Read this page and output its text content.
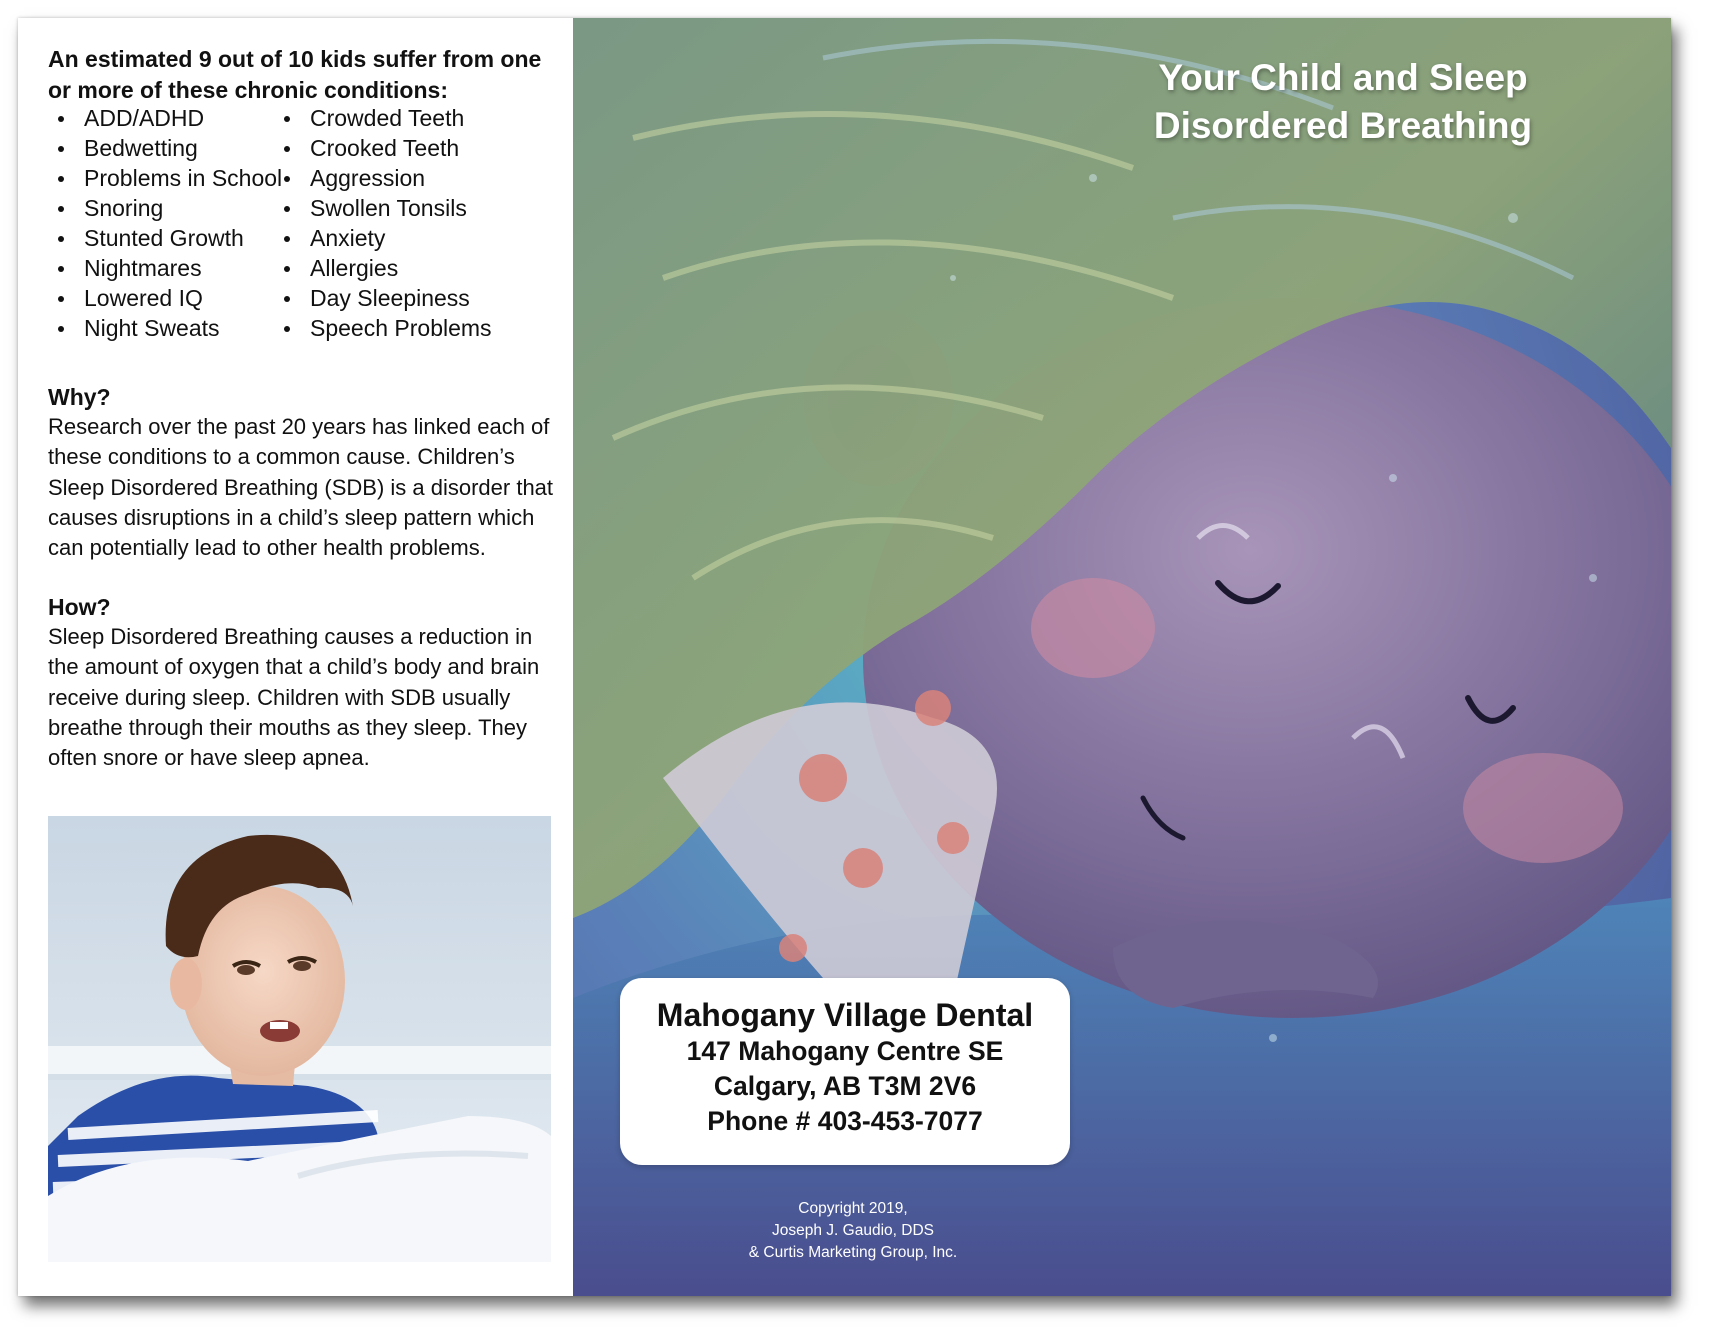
An estimated 9 out of 10 kids suffer from one or more of these chronic conditions:

ADD/ADHD
Bedwetting
Problems in School
Snoring
Stunted Growth
Nightmares
Lowered IQ
Night Sweats
Crowded Teeth
Crooked Teeth
Aggression
Swollen Tonsils
Anxiety
Allergies
Day Sleepiness
Speech Problems
Why?

Research over the past 20 years has linked each of these conditions to a common cause. Children’s Sleep Disordered Breathing (SDB) is a disorder that causes disruptions in a child’s sleep pattern which can potentially lead to other health problems.

How?

Sleep Disordered Breathing causes a reduction in the amount of oxygen that a child’s body and brain receive during sleep. Children with SDB usually breathe through their mouths as they sleep. They often snore or have sleep apnea.

Your Child and Sleep Disordered Breathing

Mahogany Village Dental

147 Mahogany Centre SE

Calgary, AB T3M 2V6

Phone # 403-453-7077

Copyright 2019,
Joseph J. Gaudio, DDS
& Curtis Marketing Group, Inc.
